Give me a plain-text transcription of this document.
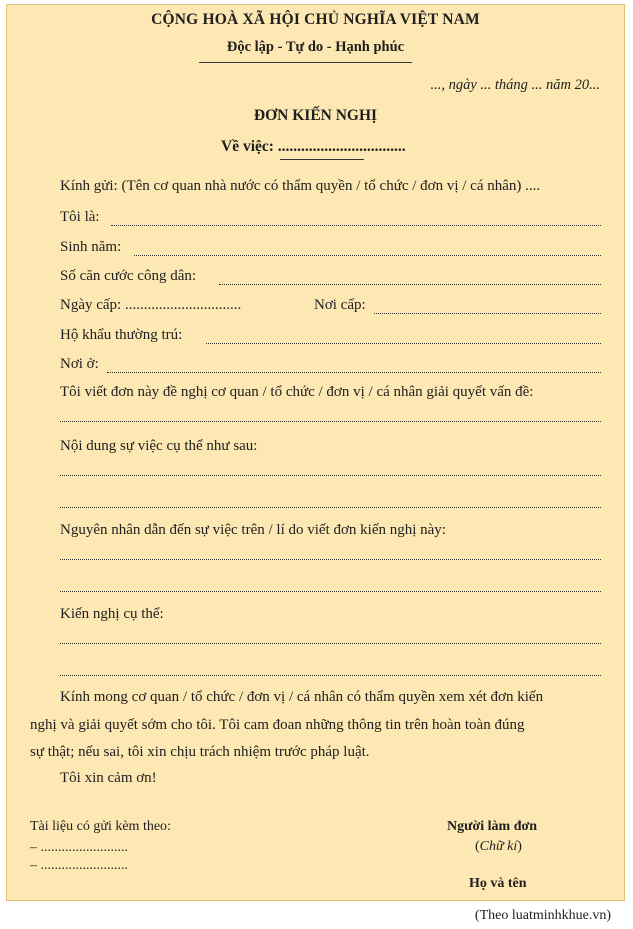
CỘNG HOÀ XÃ HỘI CHỦ NGHĨA VIỆT NAM
Độc lập - Tự do - Hạnh phúc
..., ngày ... tháng ... năm 20...
ĐƠN KIẾN NGHỊ
Về việc: .................................
Kính gửi: (Tên cơ quan nhà nước có thẩm quyền / tổ chức / đơn vị / cá nhân) ....
Tôi là:
Sinh năm:
Số căn cước công dân:
Ngày cấp: ...............................	Nơi cấp:
Hộ khẩu thường trú:
Nơi ở:
Tôi viết đơn này đề nghị cơ quan / tổ chức / đơn vị / cá nhân giải quyết vấn đề:
Nội dung sự việc cụ thể như sau:
Nguyên nhân dẫn đến sự việc trên / lí do viết đơn kiến nghị này:
Kiến nghị cụ thể:
Kính mong cơ quan / tổ chức / đơn vị / cá nhân có thẩm quyền xem xét đơn kiến
nghị và giải quyết sớm cho tôi. Tôi cam đoan những thông tin trên hoàn toàn đúng
sự thật; nếu sai, tôi xin chịu trách nhiệm trước pháp luật.
Tôi xin cảm ơn!
Tài liệu có gửi kèm theo:
– .........................
– .........................
Người làm đơn
(Chữ kí)
Họ và tên
(Theo luatminhkhue.vn)
